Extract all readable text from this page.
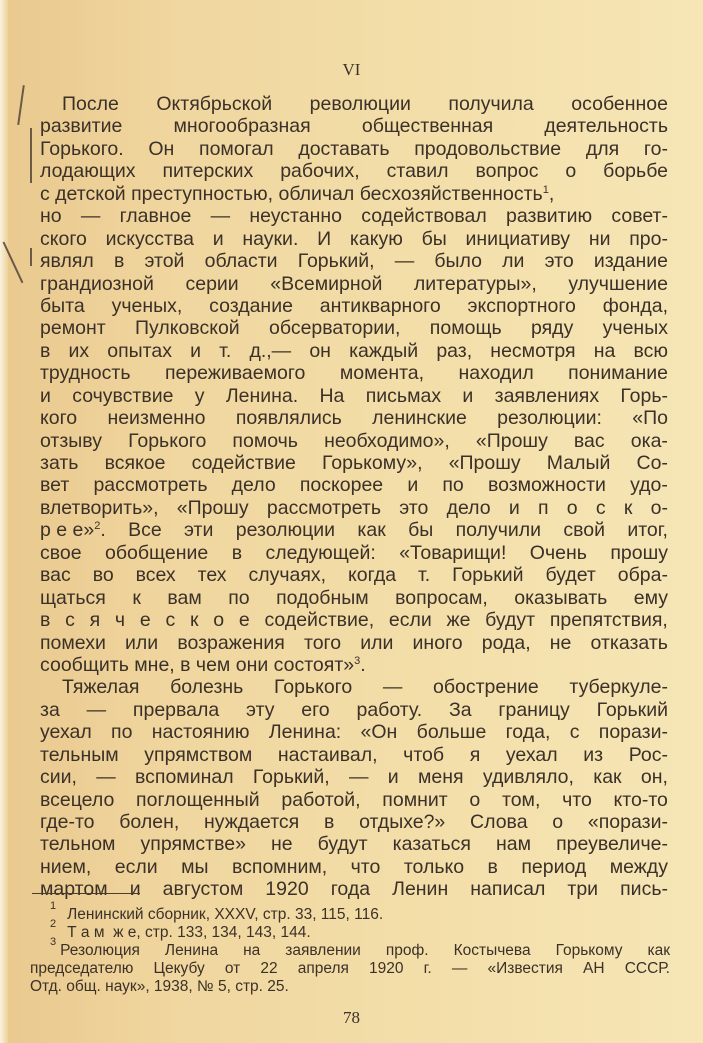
VI
После Октябрьской революции получила особенное
развитие	многообразная	общественная	деятельность
Горького. Он помогал доставать продовольствие для го-
лодающих питерских рабочих, ставил вопрос о борьбе
с детской преступностью, обличал бесхозяйственность$^1$,
но — главное — неустанно содействовал развитию совет-
ского искусства и науки. И какую бы инициативу ни про-
являл в этой области Горький, — было ли это издание
грандиозной серии «Всемирной литературы», улучшение
быта ученых, создание антикварного экспортного фонда,
ремонт Пулковской обсерватории, помощь ряду ученых
в их опытах и т. д.,— он каждый раз, несмотря на всю
трудность переживаемого момента, находил понимание
и сочувствие у Ленина. На письмах и заявлениях Горь-
кого неизменно появлялись ленинские резолюции: «По
отзыву Горького помочь необходимо», «Прошу вас ока-
зать всякое содействие Горькому», «Прошу Малый Со-
вет рассмотреть дело поскорее и по возможности удо-
влетворить», «Прошу рассмотреть это дело и п о с к о-
р е е»$^2$ . Все эти резолюции как бы получили свой итог,
свое обобщение в следующей: «Товарищи! Очень прошу
вас во всех тех случаях, когда т. Горький будет обра-
щаться к вам по подобным вопросам, оказывать ему
в с я ч е с к о е содействие, если же будут препятствия,
помехи или возражения того или иного рода, не отказать
сообщить мне, в чем они состоят»$^3$.
Тяжелая болезнь Горького — обострение туберкуле-
за — прервала эту его работу. За границу Горький
уехал по настоянию Ленина: «Он больше года, с порази-
тельным упрямством настаивал, чтоб я уехал из Рос-
сии, — вспоминал Горький, — и меня удивляло, как он,
всецело поглощенный работой, помнит о том, что кто-то
где-то болен, нуждается в отдыхе?» Слова о «порази-
тельном упрямстве» не будут казаться нам преувеличе-
нием, если мы вспомним, что только в период между
мартом и августом 1920 года Ленин написал три пись-
1 Ленинский сборник, XXXV, стр. 33, 115, 116.
2 Т а м  ж е, стр. 133, 134, 143, 144.
3 Резолюция Ленина на заявлении проф. Костычева Горькому как
председателю Цекубу от 22 апреля 1920 г. — «Известия АН СССР.
Отд. общ. наук», 1938, № 5, стр. 25.
78
